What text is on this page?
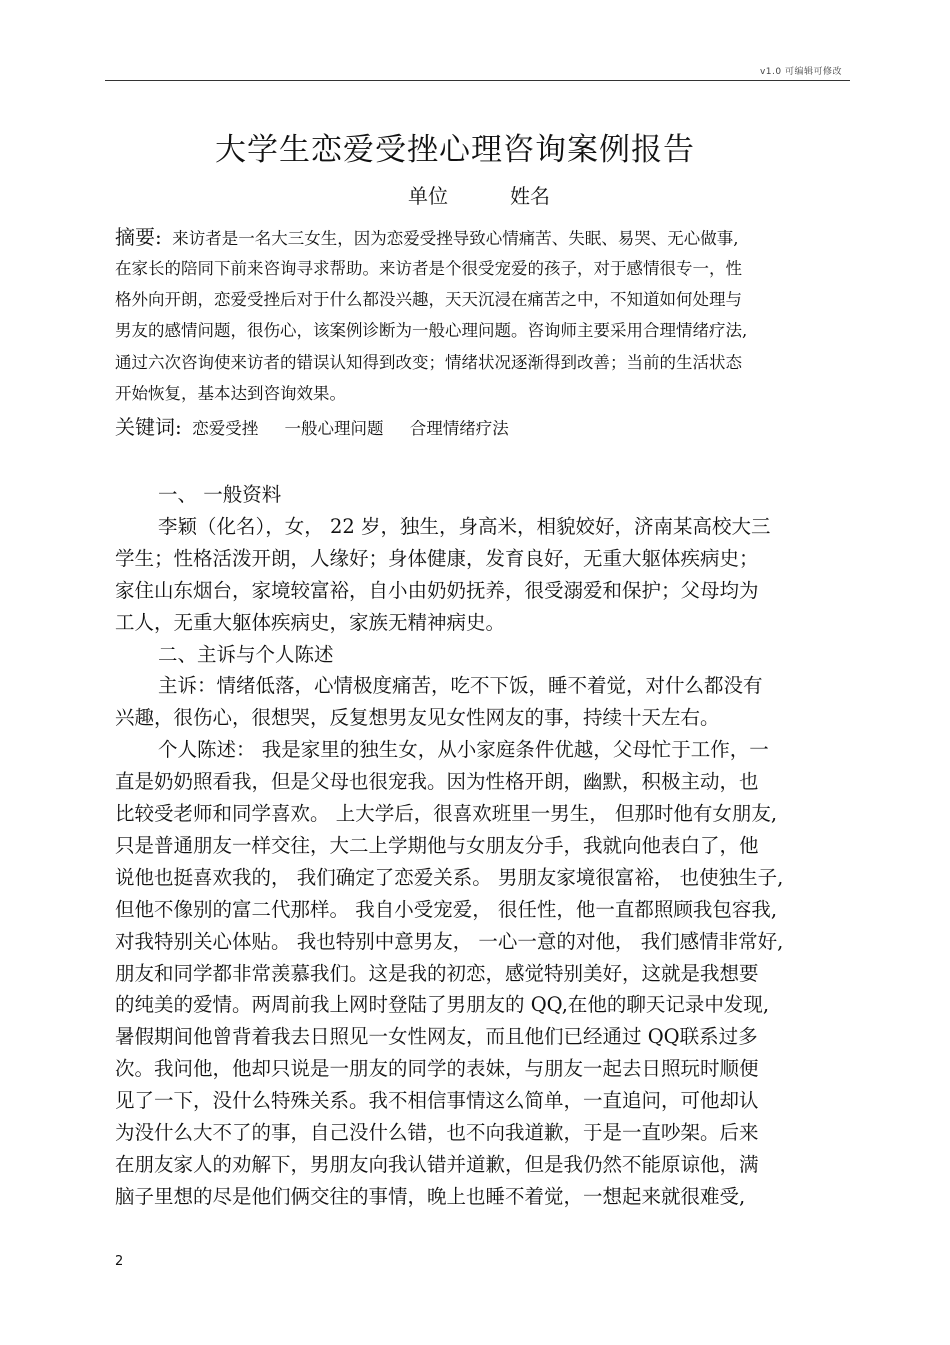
v1.0 可编辑可修改
大学生恋爱受挫心理咨询案例报告
单位	姓名
摘要: 来访者是一名大三女生，因为恋爱受挫导致心情痛苦、失眠、易哭、无心做事,
在家长的陪同下前来咨询寻求帮助。来访者是个很受宠爱的孩子，对于感情很专一，性
格外向开朗，恋爱受挫后对于什么都没兴趣，天天沉浸在痛苦之中，不知道如何处理与
男友的感情问题，很伤心，该案例诊断为一般心理问题。咨询师主要采用合理情绪疗法,
通过六次咨询使来访者的错误认知得到改变；情绪状况逐渐得到改善；当前的生活状态
开始恢复，基本达到咨询效果。
关键词: 恋爱受挫 一般心理问题 合理情绪疗法
一、 一般资料
李颖（化名），女， 22 岁，独生，身高米，相貌姣好，济南某高校大三
学生；性格活泼开朗，人缘好；身体健康，发育良好，无重大躯体疾病史；
家住山东烟台，家境较富裕，自小由奶奶抚养，很受溺爱和保护；父母均为
工人，无重大躯体疾病史，家族无精神病史。
二、主诉与个人陈述
主诉：情绪低落，心情极度痛苦，吃不下饭，睡不着觉，对什么都没有
兴趣，很伤心，很想哭，反复想男友见女性网友的事，持续十天左右。
个人陈述： 我是家里的独生女，从小家庭条件优越，父母忙于工作，一
直是奶奶照看我，但是父母也很宠我。因为性格开朗，幽默，积极主动，也
比较受老师和同学喜欢。 上大学后，很喜欢班里一男生， 但那时他有女朋友,
只是普通朋友一样交往，大二上学期他与女朋友分手，我就向他表白了，他
说他也挺喜欢我的， 我们确定了恋爱关系。 男朋友家境很富裕， 也使独生子,
但他不像别的富二代那样。 我自小受宠爱， 很任性，他一直都照顾我包容我,
对我特别关心体贴。 我也特别中意男友， 一心一意的对他， 我们感情非常好,
朋友和同学都非常羡慕我们。这是我的初恋，感觉特别美好，这就是我想要
的纯美的爱情。两周前我上网时登陆了男朋友的 QQ,在他的聊天记录中发现,
暑假期间他曾背着我去日照见一女性网友，而且他们已经通过 QQ联系过多
次。我问他，他却只说是一朋友的同学的表妹，与朋友一起去日照玩时顺便
见了一下，没什么特殊关系。我不相信事情这么简单，一直追问，可他却认
为没什么大不了的事，自己没什么错，也不向我道歉，于是一直吵架。后来
在朋友家人的劝解下，男朋友向我认错并道歉，但是我仍然不能原谅他，满
脑子里想的尽是他们俩交往的事情，晚上也睡不着觉，一想起来就很难受,
2
